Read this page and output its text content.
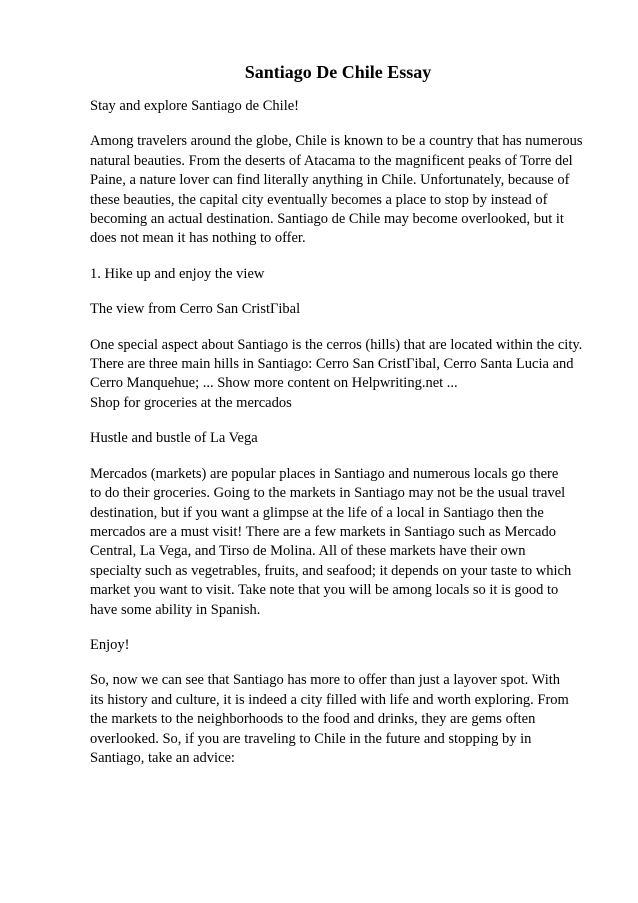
Santiago De Chile Essay

Stay and explore Santiago de Chile!

Among travelers around the globe, Chile is known to be a country that has numerous
natural beauties. From the deserts of Atacama to the magnificent peaks of Torre del
Paine, a nature lover can find literally anything in Chile. Unfortunately, because of
these beauties, the capital city eventually becomes a place to stop by instead of
becoming an actual destination. Santiago de Chile may become overlooked, but it
does not mean it has nothing to offer.

1. Hike up and enjoy the view

The view from Cerro San CristГibal

One special aspect about Santiago is the cerros (hills) that are located within the city.
There are three main hills in Santiago: Cerro San CristГibal, Cerro Santa Lucia and
Cerro Manquehue; ... Show more content on Helpwriting.net ...

Shop for groceries at the mercados

Hustle and bustle of La Vega

Mercados (markets) are popular places in Santiago and numerous locals go there
to do their groceries. Going to the markets in Santiago may not be the usual travel
destination, but if you want a glimpse at the life of a local in Santiago then the
mercados are a must visit! There are a few markets in Santiago such as Mercado
Central, La Vega, and Tirso de Molina. All of these markets have their own
specialty such as vegetrables, fruits, and seafood; it depends on your taste to which
market you want to visit. Take note that you will be among locals so it is good to
have some ability in Spanish.

Enjoy!

So, now we can see that Santiago has more to offer than just a layover spot. With
its history and culture, it is indeed a city filled with life and worth exploring. From
the markets to the neighborhoods to the food and drinks, they are gems often
overlooked. So, if you are traveling to Chile in the future and stopping by in
Santiago, take an advice:
